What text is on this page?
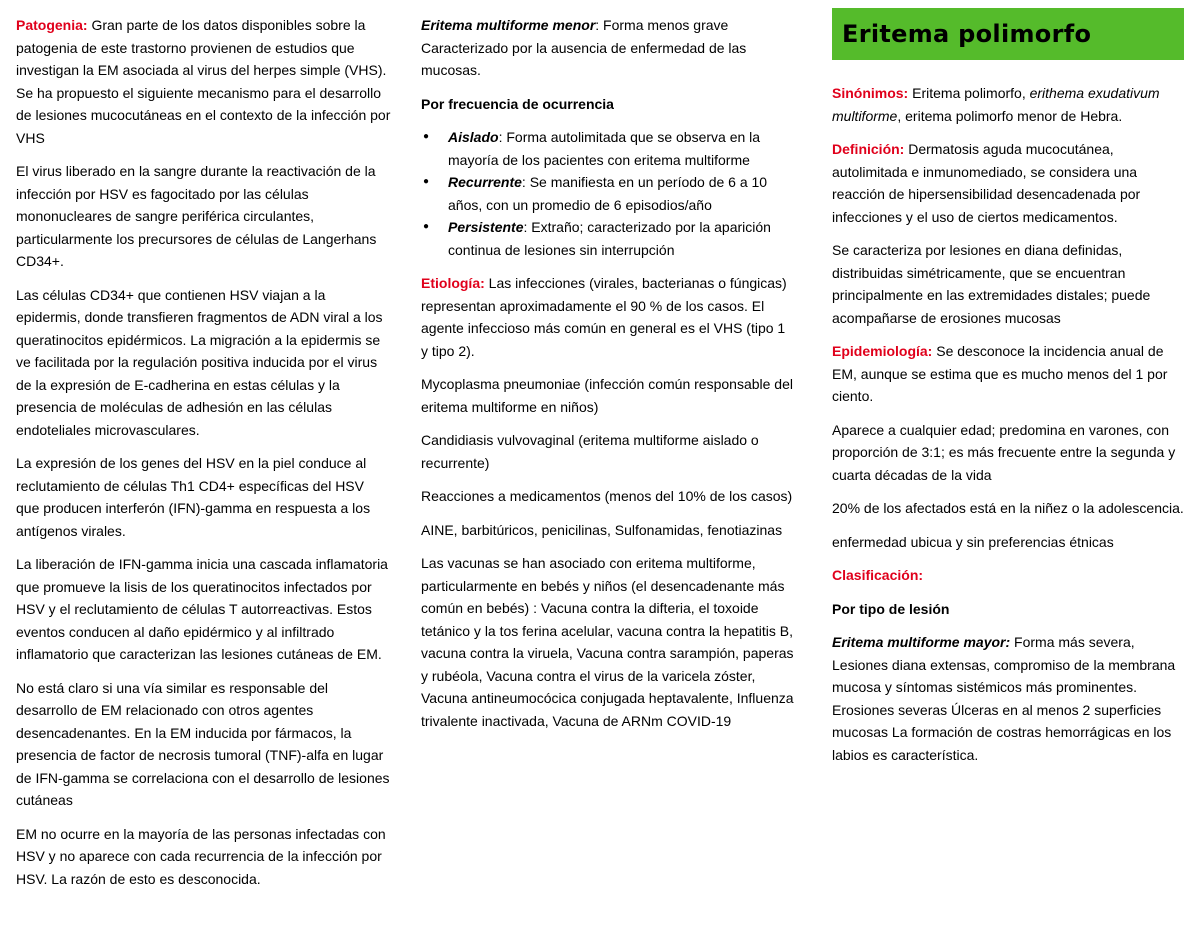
Patogenia: Gran parte de los datos disponibles sobre la patogenia de este trastorno provienen de estudios que investigan la EM asociada al virus del herpes simple (VHS). Se ha propuesto el siguiente mecanismo para el desarrollo de lesiones mucocutáneas en el contexto de la infección por VHS

El virus liberado en la sangre durante la reactivación de la infección por HSV es fagocitado por las células mononucleares de sangre periférica circulantes, particularmente los precursores de células de Langerhans CD34+.

Las células CD34+ que contienen HSV viajan a la epidermis, donde transfieren fragmentos de ADN viral a los queratinocitos epidérmicos. La migración a la epidermis se ve facilitada por la regulación positiva inducida por el virus de la expresión de E-cadherina en estas células y la presencia de moléculas de adhesión en las células endoteliales microvasculares.

La expresión de los genes del HSV en la piel conduce al reclutamiento de células Th1 CD4+ específicas del HSV que producen interferón (IFN)-gamma en respuesta a los antígenos virales.

La liberación de IFN-gamma inicia una cascada inflamatoria que promueve la lisis de los queratinocitos infectados por HSV y el reclutamiento de células T autorreactivas. Estos eventos conducen al daño epidérmico y al infiltrado inflamatorio que caracterizan las lesiones cutáneas de EM.

No está claro si una vía similar es responsable del desarrollo de EM relacionado con otros agentes desencadenantes. En la EM inducida por fármacos, la presencia de factor de necrosis tumoral (TNF)-alfa en lugar de IFN-gamma se correlaciona con el desarrollo de lesiones cutáneas

EM no ocurre en la mayoría de las personas infectadas con HSV y no aparece con cada recurrencia de la infección por HSV. La razón de esto es desconocida.

Eritema multiforme menor: Forma menos grave Caracterizado por la ausencia de enfermedad de las mucosas.

Por frecuencia de ocurrencia

● Aislado: Forma autolimitada que se observa en la mayoría de los pacientes con eritema multiforme
● Recurrente: Se manifiesta en un período de 6 a 10 años, con un promedio de 6 episodios/año
● Persistente: Extraño; caracterizado por la aparición continua de lesiones sin interrupción

Etiología: Las infecciones (virales, bacterianas o fúngicas) representan aproximadamente el 90 % de los casos. El agente infeccioso más común en general es el VHS (tipo 1 y tipo 2).

Mycoplasma pneumoniae (infección común responsable del eritema multiforme en niños)

Candidiasis vulvovaginal (eritema multiforme aislado o recurrente)

Reacciones a medicamentos (menos del 10% de los casos)

AINE, barbitúricos, penicilinas, Sulfonamidas, fenotiazinas

Las vacunas se han asociado con eritema multiforme, particularmente en bebés y niños (el desencadenante más común en bebés) : Vacuna contra la difteria, el toxoide tetánico y la tos ferina acelular, vacuna contra la hepatitis B, vacuna contra la viruela, Vacuna contra sarampión, paperas y rubéola, Vacuna contra el virus de la varicela zóster, Vacuna antineumocócica conjugada heptavalente, Influenza trivalente inactivada, Vacuna de ARNm COVID-19

Eritema polimorfo

Sinónimos: Eritema polimorfo, erithema exudativum multiforme, eritema polimorfo menor de Hebra.

Definición: Dermatosis aguda mucocutánea, autolimitada e inmunomediado, se considera una reacción de hipersensibilidad desencadenada por infecciones y el uso de ciertos medicamentos.

Se caracteriza por lesiones en diana definidas, distribuidas simétricamente, que se encuentran principalmente en las extremidades distales; puede acompañarse de erosiones mucosas

Epidemiología: Se desconoce la incidencia anual de EM, aunque se estima que es mucho menos del 1 por ciento.

Aparece a cualquier edad; predomina en varones, con proporción de 3:1; es más frecuente entre la segunda y cuarta décadas de la vida

20% de los afectados está en la niñez o la adolescencia.

enfermedad ubicua y sin preferencias étnicas

Clasificación:

Por tipo de lesión

Eritema multiforme mayor: Forma más severa, Lesiones diana extensas, compromiso de la membrana mucosa y síntomas sistémicos más prominentes. Erosiones severas Úlceras en al menos 2 superficies mucosas La formación de costras hemorrágicas en los labios es característica.
